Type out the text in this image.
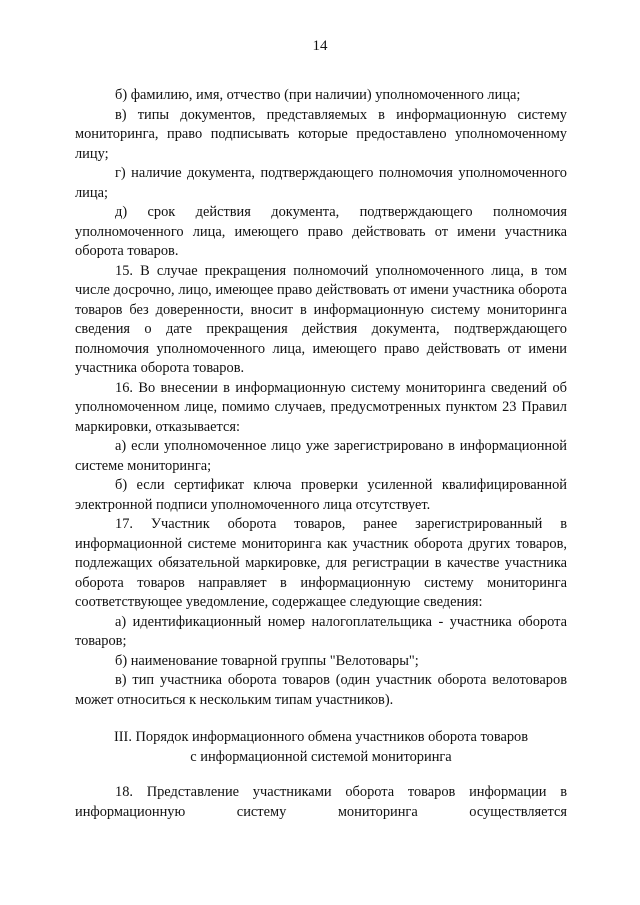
14

б) фамилию, имя, отчество (при наличии) уполномоченного лица;

в) типы документов, представляемых в информационную систему мониторинга, право подписывать которые предоставлено уполномоченному лицу;

г) наличие документа, подтверждающего полномочия уполномоченного лица;

д) срок действия документа, подтверждающего полномочия уполномоченного лица, имеющего право действовать от имени участника оборота товаров.

15. В случае прекращения полномочий уполномоченного лица, в том числе досрочно, лицо, имеющее право действовать от имени участника оборота товаров без доверенности, вносит в информационную систему мониторинга сведения о дате прекращения действия документа, подтверждающего полномочия уполномоченного лица, имеющего право действовать от имени участника оборота товаров.

16. Во внесении в информационную систему мониторинга сведений об уполномоченном лице, помимо случаев, предусмотренных пунктом 23 Правил маркировки, отказывается:

а) если уполномоченное лицо уже зарегистрировано в информационной системе мониторинга;

б) если сертификат ключа проверки усиленной квалифицированной электронной подписи уполномоченного лица отсутствует.

17. Участник оборота товаров, ранее зарегистрированный в информационной системе мониторинга как участник оборота других товаров, подлежащих обязательной маркировке, для регистрации в качестве участника оборота товаров направляет в информационную систему мониторинга соответствующее уведомление, содержащее следующие сведения:

а) идентификационный номер налогоплательщика - участника оборота товаров;

б) наименование товарной группы "Велотовары";

в) тип участника оборота товаров (один участник оборота велотоваров может относиться к нескольким типам участников).

III. Порядок информационного обмена участников оборота товаров
с информационной системой мониторинга

18. Представление участниками оборота товаров информации в информационную систему мониторинга осуществляется
